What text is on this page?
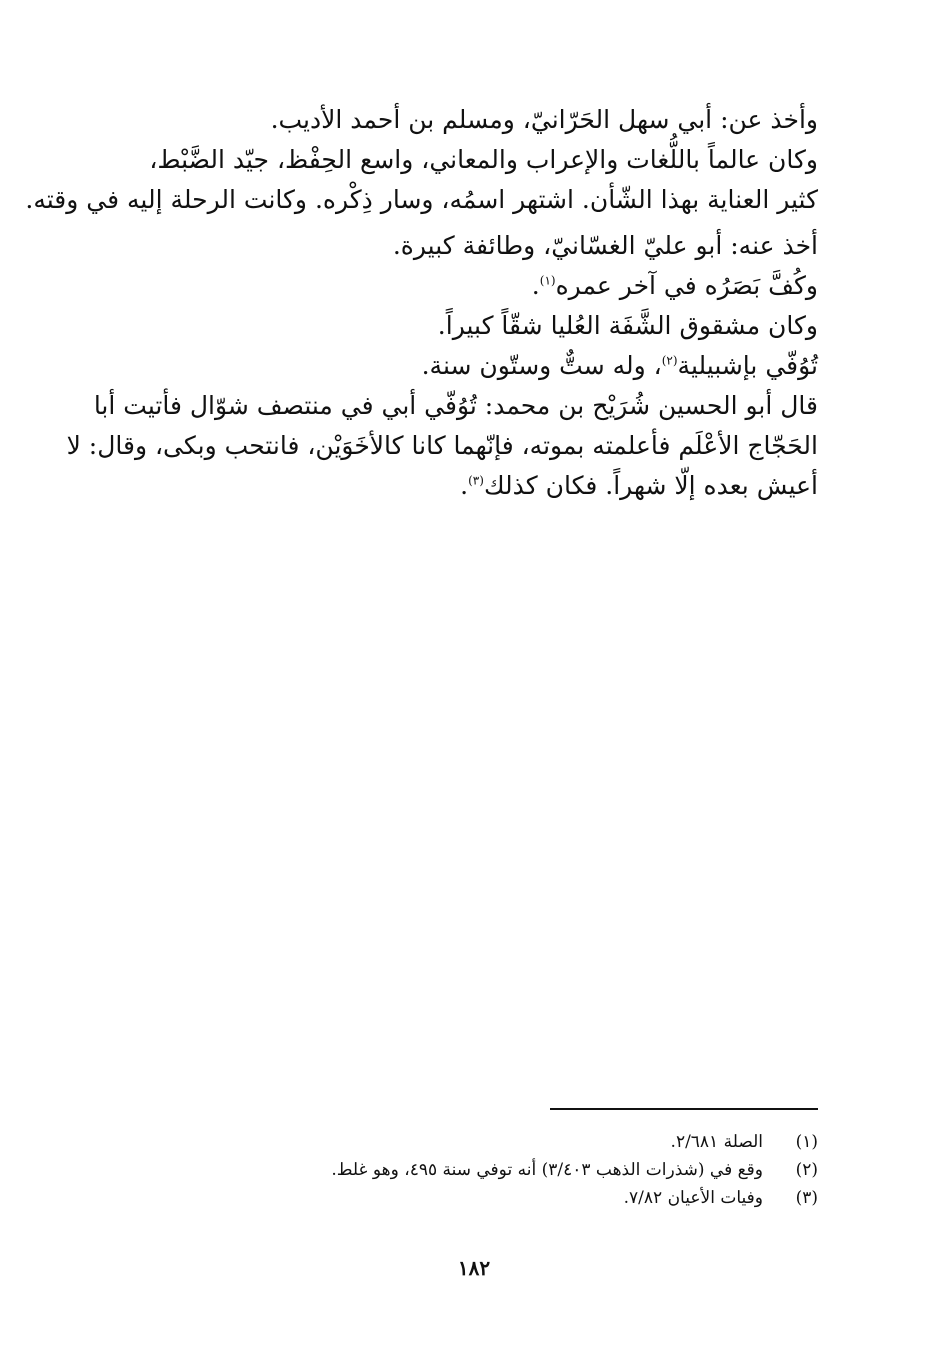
وأخذ عن: أبي سهل الحَرّانيّ، ومسلم بن أحمد الأديب.
وكان عالماً باللُّغات والإعراب والمعاني، واسع الحِفْظ، جيّد الضَّبْط،
كثير العناية بهذا الشّأن. اشتهر اسمُه، وسار ذِكْره. وكانت الرحلة إليه في وقته.
أخذ عنه: أبو عليّ الغسّانيّ، وطائفة كبيرة.
وكُفَّ بَصَرُه في آخر عمره$^{(١)}$.
وكان مشقوق الشَّفَة العُليا شقّاً كبيراً.
تُوُفّي بإشبيلية$^{(٢)}$، وله ستٌّ وستّون سنة.
قال أبو الحسين شُرَيْح بن محمد: تُوُفّي أبي في منتصف شوّال فأتيت أبا
الحَجّاج الأعْلَم فأعلمته بموته، فإنّهما كانا كالأخَوَيْن، فانتحب وبكى، وقال: لا
أعيش بعده إلّا شهراً. فكان كذلك$^{(٣)}$.
(١)
الصلة ٢/٦٨١.
(٢)
وقع في (شذرات الذهب ٣/٤٠٣) أنه توفي سنة ٤٩٥، وهو غلط.
(٣)
وفيات الأعيان ٧/٨٢.
١٨٢
